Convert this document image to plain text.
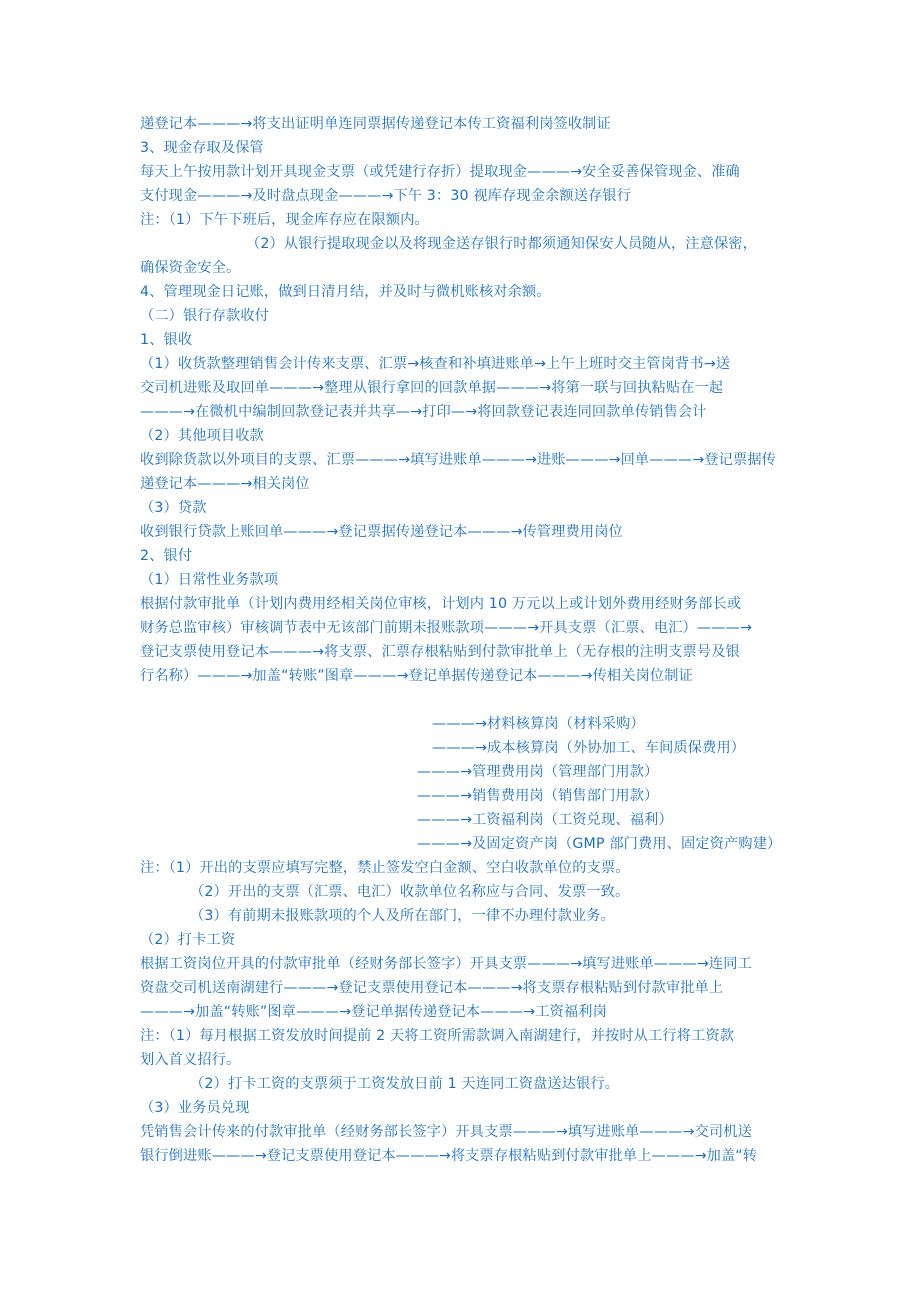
递登记本———→将支出证明单连同票据传递登记本传工资福利岗签收制证
3、现金存取及保管
每天上午按用款计划开具现金支票（或凭建行存折）提取现金———→安全妥善保管现金、准确
支付现金———→及时盘点现金———→下午 3：30 视库存现金余额送存银行
注：（1）下午下班后，现金库存应在限额内。
（2）从银行提取现金以及将现金送存银行时都须通知保安人员随从，注意保密，
确保资金安全。
4、管理现金日记账，做到日清月结，并及时与微机账核对余额。
（二）银行存款收付
1、银收
（1）收货款整理销售会计传来支票、汇票→核查和补填进账单→上午上班时交主管岗背书→送
交司机进账及取回单———→整理从银行拿回的回款单据———→将第一联与回执粘贴在一起
———→在微机中编制回款登记表并共享—→打印—→将回款登记表连同回款单传销售会计
（2）其他项目收款
收到除货款以外项目的支票、汇票———→填写进账单———→进账———→回单———→登记票据传
递登记本———→相关岗位
（3）贷款
收到银行贷款上账回单———→登记票据传递登记本———→传管理费用岗位
2、银付
（1）日常性业务款项
根据付款审批单（计划内费用经相关岗位审核，计划内 10 万元以上或计划外费用经财务部长或
财务总监审核）审核调节表中无该部门前期未报账款项———→开具支票（汇票、电汇）———→
登记支票使用登记本———→将支票、汇票存根粘贴到付款审批单上（无存根的注明支票号及银
行名称）———→加盖“转账”图章———→登记单据传递登记本———→传相关岗位制证
———→材料核算岗（材料采购）
———→成本核算岗（外协加工、车间质保费用）
———→管理费用岗（管理部门用款）
———→销售费用岗（销售部门用款）
———→工资福利岗（工资兑现、福利）
———→及固定资产岗（GMP 部门费用、固定资产购建）
注：（1）开出的支票应填写完整，禁止签发空白金额、空白收款单位的支票。
（2）开出的支票（汇票、电汇）收款单位名称应与合同、发票一致。
（3）有前期未报账款项的个人及所在部门，一律不办理付款业务。
（2）打卡工资
根据工资岗位开具的付款审批单（经财务部长签字）开具支票———→填写进账单———→连同工
资盘交司机送南湖建行———→登记支票使用登记本———→将支票存根粘贴到付款审批单上
———→加盖“转账”图章———→登记单据传递登记本———→工资福利岗
注：（1）每月根据工资发放时间提前 2 天将工资所需款调入南湖建行，并按时从工行将工资款
划入首义招行。
（2）打卡工资的支票须于工资发放日前 1 天连同工资盘送达银行。
（3）业务员兑现
凭销售会计传来的付款审批单（经财务部长签字）开具支票———→填写进账单———→交司机送
银行倒进账———→登记支票使用登记本———→将支票存根粘贴到付款审批单上———→加盖“转
